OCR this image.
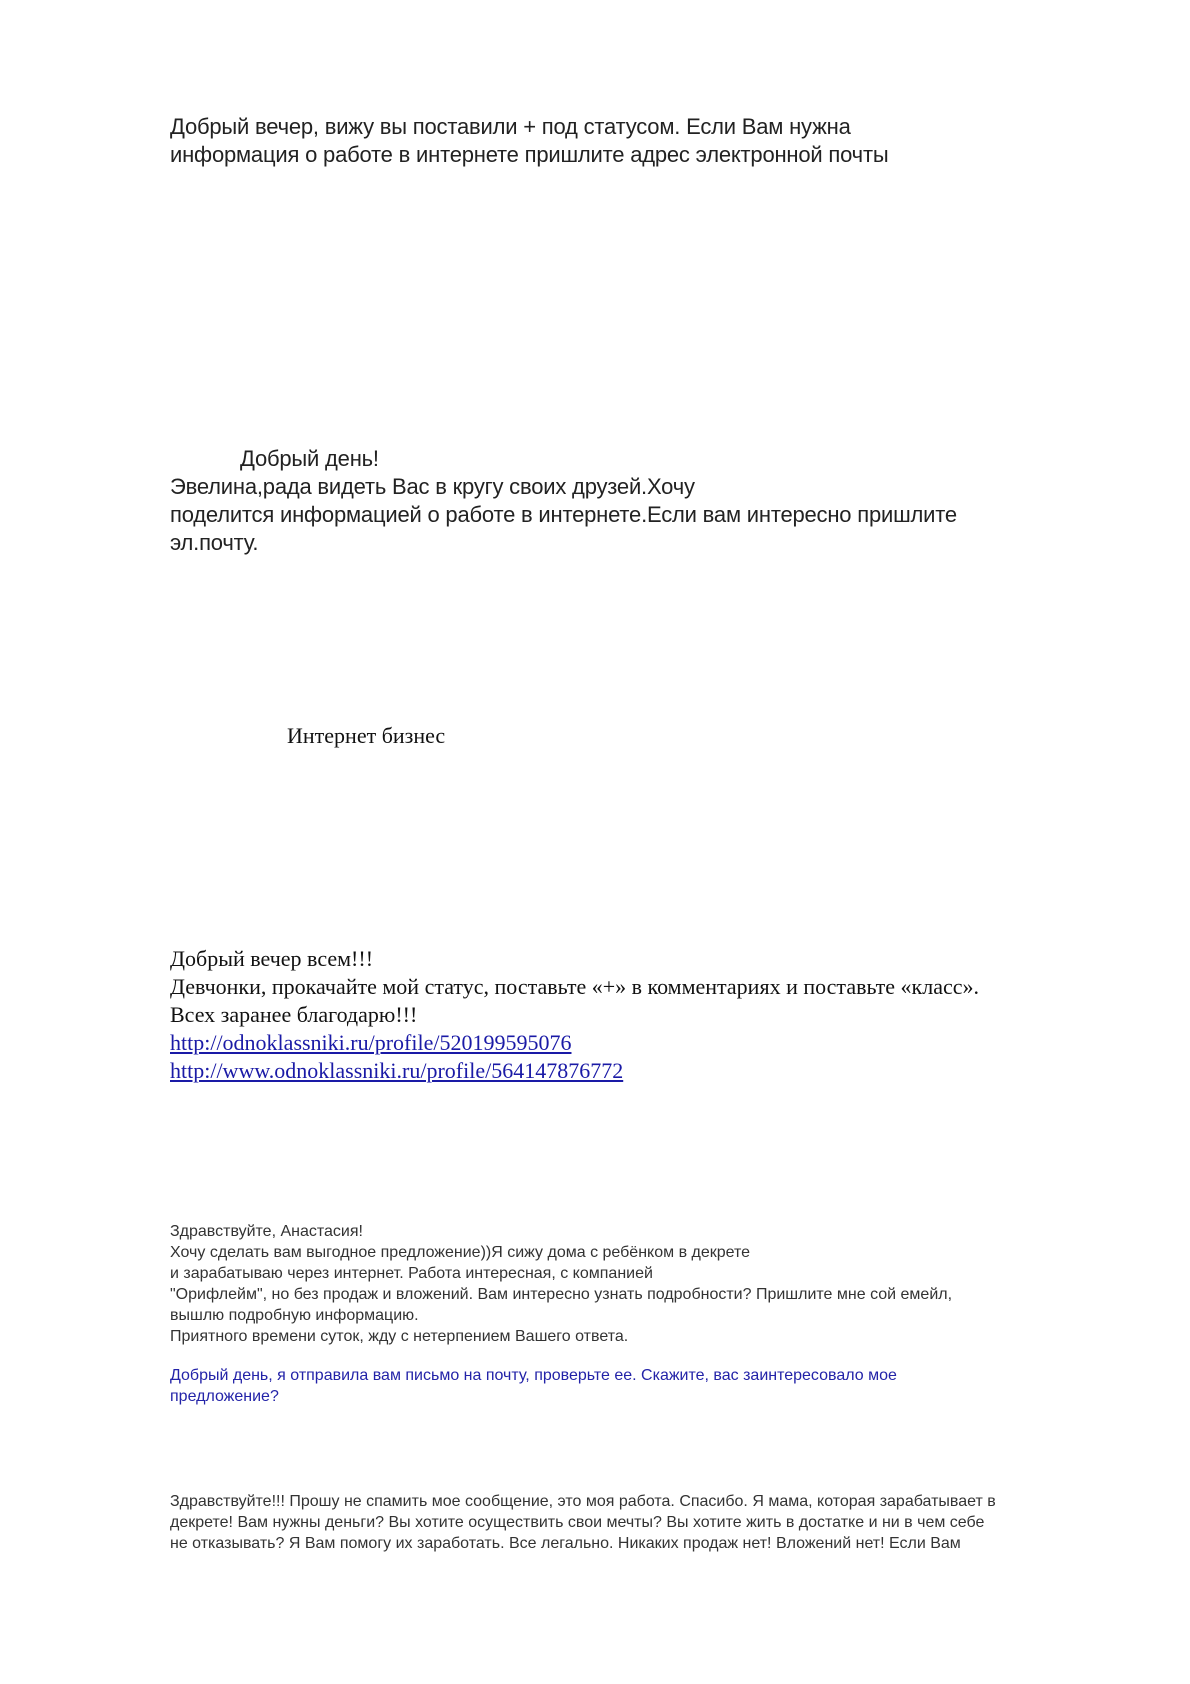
Добрый вечер, вижу вы поставили + под статусом. Если Вам нужна
информация о работе в интернете пришлите адрес электронной почты
Добрый день!
Эвелина,рада видеть Вас в кругу своих друзей.Хочу
поделится информацией о работе в интернете.Если вам интересно пришлите
эл.почту.
Интернет бизнес
Добрый вечер всем!!!
Девчонки, прокачайте мой статус, поставьте «+» в комментариях и поставьте «класс».
Всех заранее благодарю!!!
http://odnoklassniki.ru/profile/520199595076
http://www.odnoklassniki.ru/profile/564147876772
Здравствуйте, Анастасия!
Хочу сделать вам выгодное предложение))Я сижу дома с ребёнком в декрете
и зарабатываю через интернет. Работа интересная, с компанией
"Орифлейм", но без продаж и вложений. Вам интересно узнать подробности? Пришлите мне сой емейл,
вышлю подробную информацию.
Приятного времени суток, жду с нетерпением Вашего ответа.
Добрый день, я отправила вам письмо на почту, проверьте ее. Скажите, вас заинтересовало мое
предложение?
Здравствуйте!!! Прошу не спамить мое сообщение, это моя работа. Спасибо. Я мама, которая зарабатывает в
декрете! Вам нужны деньги? Вы хотите осуществить свои мечты? Вы хотите жить в достатке и ни в чем себе
не отказывать? Я Вам помогу их заработать. Все легально. Никаких продаж нет! Вложений нет! Если Вам
